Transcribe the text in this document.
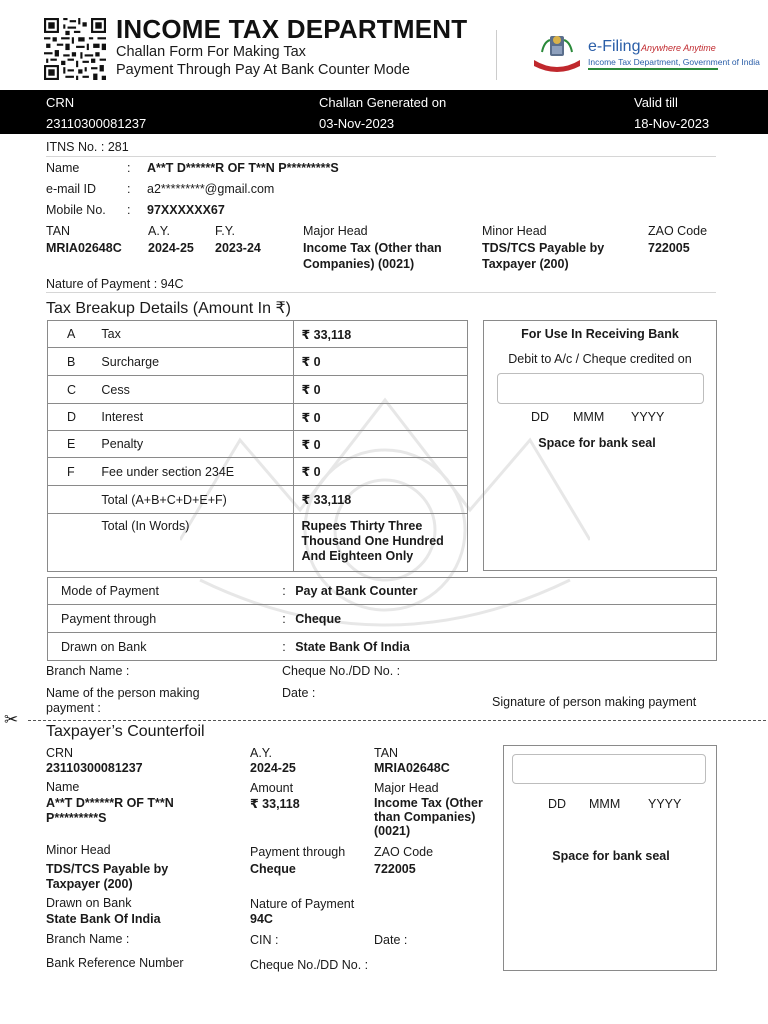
INCOME TAX DEPARTMENT
Challan Form For Making Tax
Payment Through Pay At Bank Counter Mode
e-Filing Anywhere Anytime
Income Tax Department, Government of India
CRN
23110300081237
Challan Generated on
03-Nov-2023
Valid till
18-Nov-2023
ITNS No. : 281
Name	: A**T D******R OF T**N P*********S
e-mail ID : a2*********@gmail.com
Mobile No. : 97XXXXXX67
TAN
MRIA02648C
A.Y.
2024-25
F.Y.
2023-24
Major Head
Income Tax (Other than
Companies) (0021)
Minor Head
TDS/TCS Payable by
Taxpayer (200)
ZAO Code
722005
Nature of Payment : 94C
Tax Breakup Details (Amount In ₹)
A	Tax	₹ 33,118
B	Surcharge	₹ 0
C	Cess	₹ 0
D	Interest	₹ 0
E	Penalty	₹ 0
F	Fee under section 234E	₹ 0
	Total (A+B+C+D+E+F)	₹ 33,118
	Total (In Words)	Rupees Thirty Three
Thousand One Hundred
And Eighteen Only
For Use In Receiving Bank
Debit to A/c / Cheque credited on
DD MMM YYYY
Space for bank seal
Mode of Payment	: Pay at Bank Counter
Payment through	: Cheque
Drawn on Bank	: State Bank Of India
Branch Name :	Cheque No./DD No. :
Name of the person making
payment :
Date :
Signature of person making payment
✂
Taxpayer’s Counterfoil
CRN
23110300081237
A.Y.
2024-25
TAN
MRIA02648C
Name
A**T D******R OF T**N
P*********S
Amount
₹ 33,118
Major Head
Income Tax (Other
than Companies)
(0021)
Minor Head
TDS/TCS Payable by
Taxpayer (200)
Payment through
Cheque
ZAO Code
722005
Drawn on Bank
State Bank Of India
Nature of Payment
94C
Branch Name :	CIN :	Date :
Bank Reference Number	Cheque No./DD No. :
DD MMM YYYY
Space for bank seal
